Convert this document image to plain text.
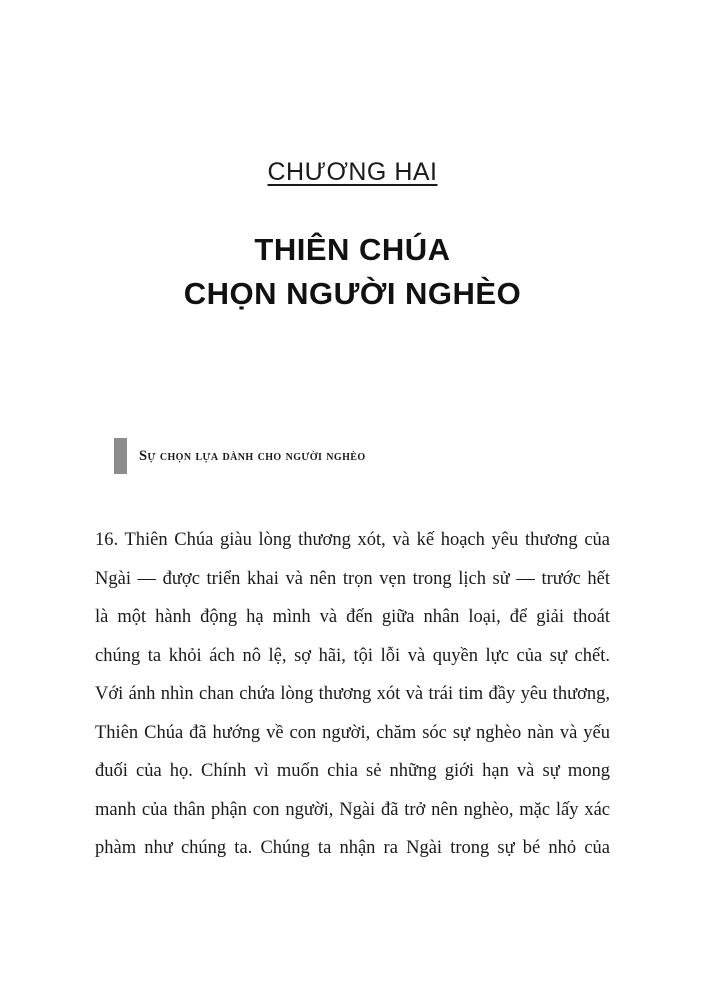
CHƯƠNG HAI
THIÊN CHÚA
CHỌN NGƯỜI NGHÈO
Sự chọn lựa dành cho người nghèo
16. Thiên Chúa giàu lòng thương xót, và kế hoạch yêu thương của
Ngài — được triển khai và nên trọn vẹn trong lịch sử — trước hết
là một hành động hạ mình và đến giữa nhân loại, để giải thoát
chúng ta khỏi ách nô lệ, sợ hãi, tội lỗi và quyền lực của sự chết.
Với ánh nhìn chan chứa lòng thương xót và trái tim đầy yêu thương,
Thiên Chúa đã hướng về con người, chăm sóc sự nghèo nàn và yếu
đuối của họ. Chính vì muốn chia sẻ những giới hạn và sự mong
manh của thân phận con người, Ngài đã trở nên nghèo, mặc lấy xác
phàm như chúng ta. Chúng ta nhận ra Ngài trong sự bé nhỏ của
